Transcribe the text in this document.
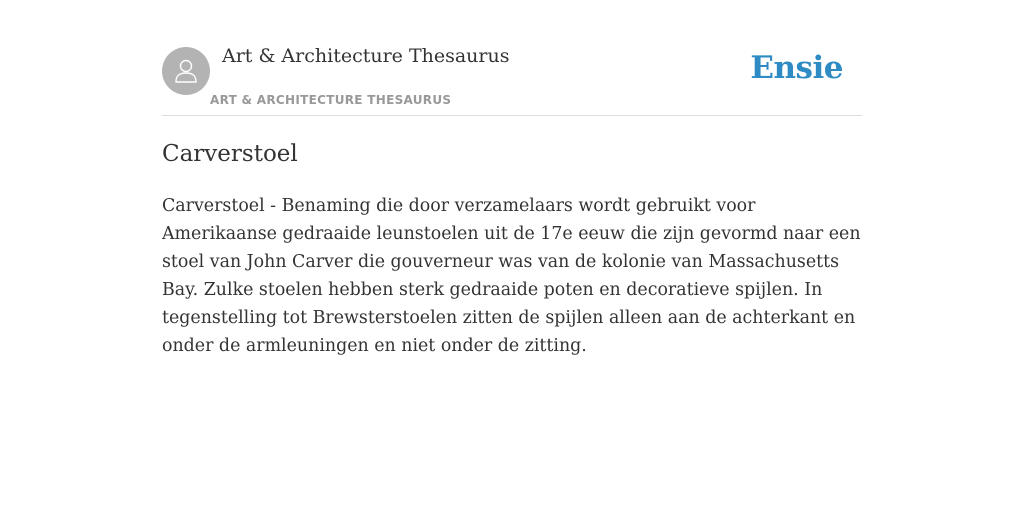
Art & Architecture Thesaurus
ART & ARCHITECTURE THESAURUS
Ensie
Carverstoel

Carverstoel - Benaming die door verzamelaars wordt gebruikt voor Amerikaanse gedraaide leunstoelen uit de 17e eeuw die zijn gevormd naar een stoel van John Carver die gouverneur was van de kolonie van Massachusetts Bay. Zulke stoelen hebben sterk gedraaide poten en decoratieve spijlen. In tegenstelling tot Brewsterstoelen zitten de spijlen alleen aan de achterkant en onder de armleuningen en niet onder de zitting.
